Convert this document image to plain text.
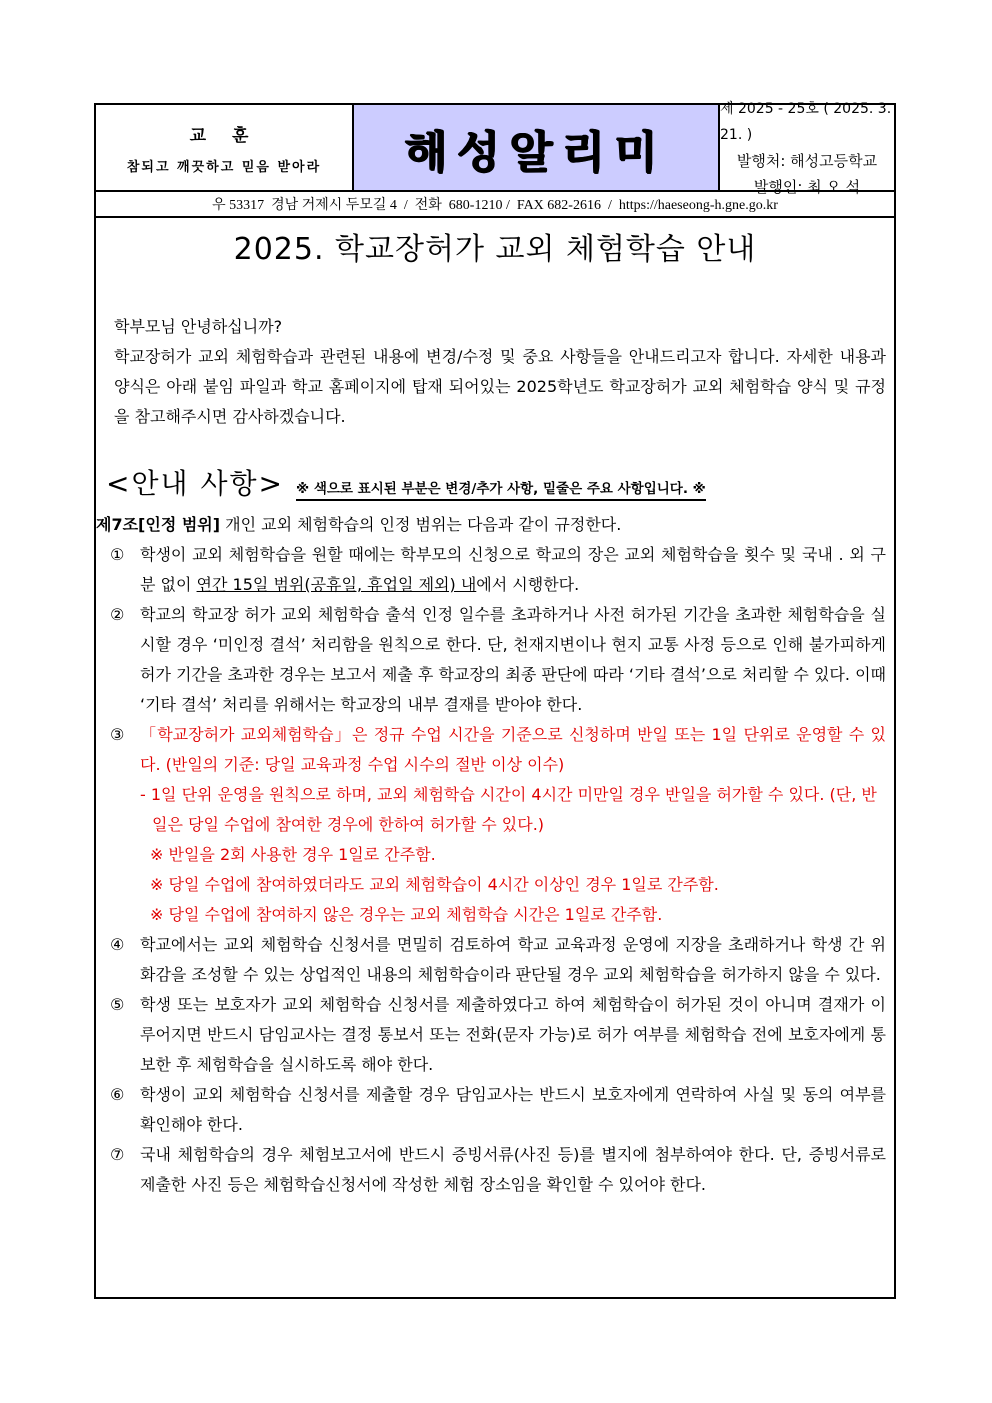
교 훈
참되고 깨끗하고 믿음 받아라 해성알리미
제 2025 - 25호 ( 2025. 3. 21. )
발행처: 해성고등학교
발행인: 최 오 석
우 53317  경남 거제시 두모길 4  /  전화  680-1210 /  FAX 682-2616  /  https://haeseong-h.gne.go.kr
2025. 학교장허가 교외 체험학습 안내

학부모님 안녕하십니까?

학교장허가 교외 체험학습과 관련된 내용에 변경/수정 및 중요 사항들을 안내드리고자 합니다. 자세한 내용과 양식은 아래 붙임 파일과 학교 홈페이지에 탑재 되어있는 2025학년도 학교장허가 교외 체험학습 양식 및 규정을 참고해주시면 감사하겠습니다.

<안내 사항> ※ 색으로 표시된 부분은 변경/추가 사항, 밑줄은 주요 사항입니다. ※
제7조[인정 범위] 개인 교외 체험학습의 인정 범위는 다음과 같이 규정한다.
① 학생이 교외 체험학습을 원할 때에는 학부모의 신청으로 학교의 장은 교외 체험학습을 횟수 및 국내 . 외 구분 없이 연간 15일 범위(공휴일, 휴업일 제외) 내에서 시행한다.
② 학교의 학교장 허가 교외 체험학습 출석 인정 일수를 초과하거나 사전 허가된 기간을 초과한 체험학습을 실시할 경우 ‘미인정 결석’ 처리함을 원칙으로 한다. 단, 천재지변이나 현지 교통 사정 등으로 인해 불가피하게 허가 기간을 초과한 경우는 보고서 제출 후 학교장의 최종 판단에 따라 ‘기타 결석’으로 처리할 수 있다. 이때 ‘기타 결석’ 처리를 위해서는 학교장의 내부 결재를 받아야 한다.
③ 「학교장허가 교외체험학습」은 정규 수업 시간을 기준으로 신청하며 반일 또는 1일 단위로 운영할 수 있다. (반일의 기준: 당일 교육과정 수업 시수의 절반 이상 이수)
- 1일 단위 운영을 원칙으로 하며, 교외 체험학습 시간이 4시간 미만일 경우 반일을 허가할 수 있다. (단, 반일은 당일 수업에 참여한 경우에 한하여 허가할 수 있다.)
※ 반일을 2회 사용한 경우 1일로 간주함.
※ 당일 수업에 참여하였더라도 교외 체험학습이 4시간 이상인 경우 1일로 간주함.
※ 당일 수업에 참여하지 않은 경우는 교외 체험학습 시간은 1일로 간주함.
④ 학교에서는 교외 체험학습 신청서를 면밀히 검토하여 학교 교육과정 운영에 지장을 초래하거나 학생 간 위화감을 조성할 수 있는 상업적인 내용의 체험학습이라 판단될 경우 교외 체험학습을 허가하지 않을 수 있다.
⑤ 학생 또는 보호자가 교외 체험학습 신청서를 제출하였다고 하여 체험학습이 허가된 것이 아니며 결재가 이루어지면 반드시 담임교사는 결정 통보서 또는 전화(문자 가능)로 허가 여부를 체험학습 전에 보호자에게 통보한 후 체험학습을 실시하도록 해야 한다.
⑥ 학생이 교외 체험학습 신청서를 제출할 경우 담임교사는 반드시 보호자에게 연락하여 사실 및 동의 여부를 확인해야 한다.
⑦ 국내 체험학습의 경우 체험보고서에 반드시 증빙서류(사진 등)를 별지에 첨부하여야 한다. 단, 증빙서류로 제출한 사진 등은 체험학습신청서에 작성한 체험 장소임을 확인할 수 있어야 한다.
